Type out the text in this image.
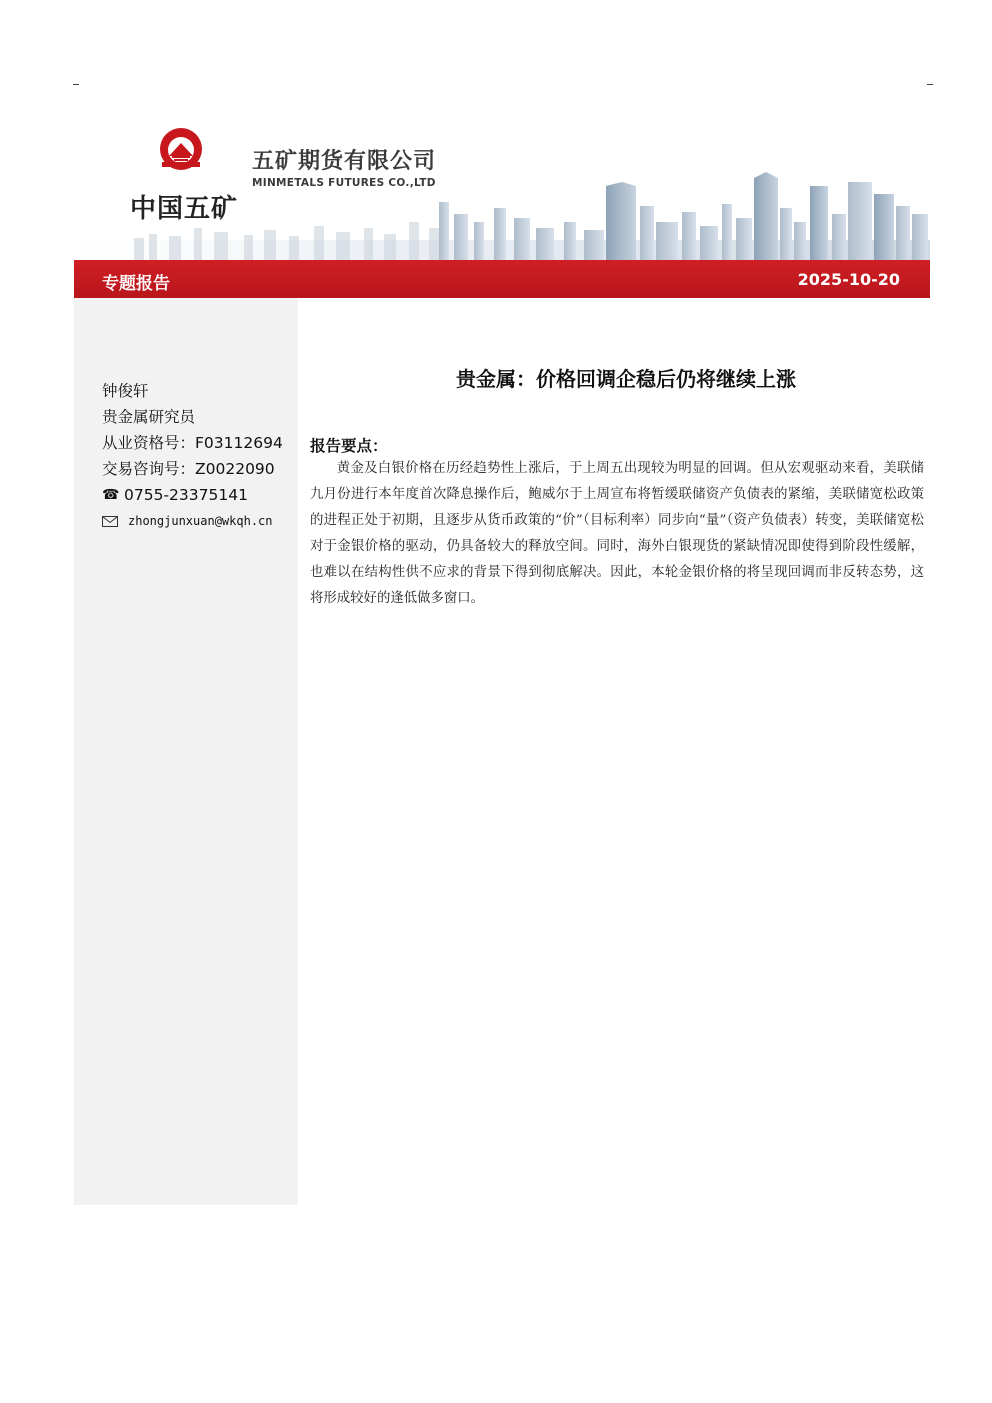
中国五矿
五矿期货有限公司
MINMETALS FUTURES CO.,LTD
专题报告	2025-10-20
钟俊轩
贵金属研究员
从业资格号：F03112694
交易咨询号：Z0022090
☎ 0755-23375141
zhongjunxuan@wkqh.cn
贵金属：价格回调企稳后仍将继续上涨
报告要点：

黄金及白银价格在历经趋势性上涨后，于上周五出现较为明显的回调。但从宏观驱动来看，美联储九月份进行本年度首次降息操作后，鲍威尔于上周宣布将暂缓联储资产负债表的紧缩，美联储宽松政策的进程正处于初期，且逐步从货币政策的“价”（目标利率）同步向“量”（资产负债表）转变，美联储宽松对于金银价格的驱动，仍具备较大的释放空间。同时，海外白银现货的紧缺情况即使得到阶段性缓解，也难以在结构性供不应求的背景下得到彻底解决。因此，本轮金银价格的将呈现回调而非反转态势，这将形成较好的逢低做多窗口。
